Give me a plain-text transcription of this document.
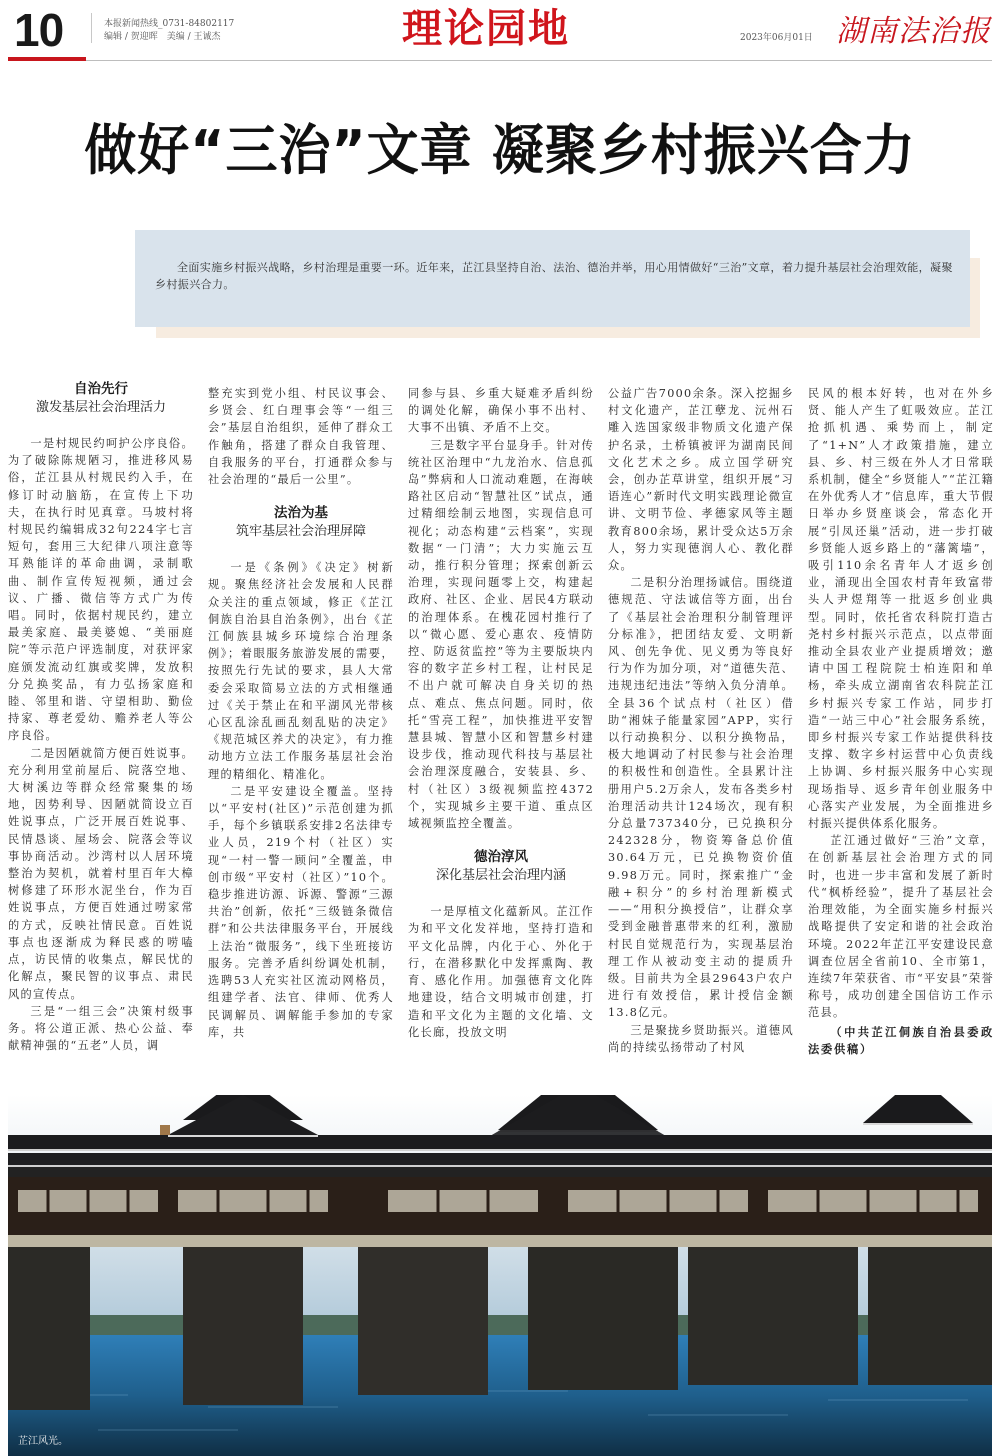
10	本报新闻热线_0731-84802117
编辑 / 贺迎晖　美编 / 王诚杰	理论园地	2023年06月01日 湖南法治报
做好“三治”文章 凝聚乡村振兴合力

全面实施乡村振兴战略，乡村治理是重要一环。近年来，芷江县坚持自治、法治、德治并举，用心用情做好“三治”文章，着力提升基层社会治理效能，凝聚乡村振兴合力。

自治先行
激发基层社会治理活力

一是村规民约呵护公序良俗。为了破除陈规陋习，推进移风易俗，芷江县从村规民约入手，在修订时动脑筋，在宣传上下功夫，在执行时见真章。马坡村将村规民约编辑成32句224字七言短句，套用三大纪律八项注意等耳熟能详的革命曲调，录制歌曲、制作宣传短视频，通过会议、广播、微信等方式广为传唱。同时，依据村规民约，建立最美家庭、最美婆媳、“美丽庭院”等示范户评选制度，对获评家庭颁发流动红旗或奖牌，发放积分兑换奖品，有力弘扬家庭和睦、邻里和谐、守望相助、勤俭持家、尊老爱幼、赡养老人等公序良俗。

二是因陋就简方便百姓说事。充分利用堂前屋后、院落空地、大树溪边等群众经常聚集的场地，因势利导、因陋就简设立百姓说事点，广泛开展百姓说事、民情恳谈、屋场会、院落会等议事协商活动。沙湾村以人居环境整治为契机，就着村里百年大樟树修建了环形水泥坐台，作为百姓说事点，方便百姓通过唠家常的方式，反映社情民意。百姓说事点也逐渐成为释民惑的唠嗑点，访民情的收集点，解民忧的化解点，聚民智的议事点、肃民风的宣传点。

三是“一组三会”决策村级事务。将公道正派、热心公益、奉献精神强的“五老”人员，调

整充实到党小组、村民议事会、乡贤会、红白理事会等“一组三会”基层自治组织，延伸了群众工作触角，搭建了群众自我管理、自我服务的平台，打通群众参与社会治理的“最后一公里”。

法治为基
筑牢基层社会治理屏障

一是《条例》《决定》树新规。聚焦经济社会发展和人民群众关注的重点领域，修正《芷江侗族自治县自治条例》，出台《芷江侗族县城乡环境综合治理条例》；着眼服务旅游发展的需要，按照先行先试的要求，县人大常委会采取简易立法的方式相继通过《关于禁止在和平湖风光带核心区乱涂乱画乱刻乱贴的决定》《规范城区养犬的决定》，有力推动地方立法工作服务基层社会治理的精细化、精准化。

二是平安建设全覆盖。坚持以“平安村(社区)”示范创建为抓手，每个乡镇联系安排2名法律专业人员，219个村（社区）实现“一村一警一顾问”全覆盖，申创市级“平安村（社区）”10个。稳步推进访源、诉源、警源“三源共治”创新，依托“三级链条微信群”和公共法律服务平台，开展线上法治“微服务”，线下坐班接访服务。完善矛盾纠纷调处机制，选聘53人充实社区流动网格员，组建学者、法官、律师、优秀人民调解员、调解能手参加的专家库，共

同参与县、乡重大疑难矛盾纠纷的调处化解，确保小事不出村、大事不出镇、矛盾不上交。

三是数字平台显身手。针对传统社区治理中“九龙治水、信息孤岛”弊病和人口流动难题，在海峡路社区启动“智慧社区”试点，通过精细绘制云地图，实现信息可视化；动态构建“云档案”，实现数据“一门清”；大力实施云互动，推行积分管理；探索创新云治理，实现问题零上交，构建起政府、社区、企业、居民4方联动的治理体系。在槐花园村推行了以“微心愿、爱心惠农、疫情防控、防返贫监控”等为主要版块内容的数字芷乡村工程，让村民足不出户就可解决自身关切的热点、难点、焦点问题。同时，依托“雪亮工程”，加快推进平安智慧县城、智慧小区和智慧乡村建设步伐，推动现代科技与基层社会治理深度融合，安装县、乡、村（社区）3级视频监控4372个，实现城乡主要干道、重点区域视频监控全覆盖。

德治淳风
深化基层社会治理内涵

一是厚植文化蕴新风。芷江作为和平文化发祥地，坚持打造和平文化品牌，内化于心、外化于行，在潜移默化中发挥熏陶、教育、感化作用。加强德育文化阵地建设，结合文明城市创建，打造和平文化为主题的文化墙、文化长廊，投放文明

公益广告7000余条。深入挖掘乡村文化遗产，芷江孽龙、沅州石雕入选国家级非物质文化遗产保护名录，土桥镇被评为湖南民间文化艺术之乡。成立国学研究会，创办芷草讲堂，组织开展“习语连心”新时代文明实践理论微宣讲、文明节俭、孝德家风等主题教育800余场，累计受众达5万余人，努力实现德润人心、教化群众。

二是积分治理扬诚信。围绕道德规范、守法诚信等方面，出台了《基层社会治理积分制管理评分标准》，把团结友爱、文明新风、创先争优、见义勇为等良好行为作为加分项，对“道德失范、违规违纪违法”等纳入负分清单。全县36个试点村（社区）借助“湘妹子能量家园”APP，实行以行动换积分、以积分换物品，极大地调动了村民参与社会治理的积极性和创造性。全县累计注册用户5.2万余人，发布各类乡村治理活动共计124场次，现有积分总量737340分，已兑换积分242328分，物资筹备总价值30.64万元，已兑换物资价值9.98万元。同时，探索推广“金融+积分”的乡村治理新模式——“用积分换授信”，让群众享受到金融普惠带来的红利，激励村民自觉规范行为，实现基层治理工作从被动变主动的提质升级。目前共为全县29643户农户进行有效授信，累计授信金额13.8亿元。

三是聚拢乡贤助振兴。道德风尚的持续弘扬带动了村风

民风的根本好转，也对在外乡贤、能人产生了虹吸效应。芷江抢抓机遇、乘势而上，制定了“1+N”人才政策措施，建立县、乡、村三级在外人才日常联系机制，健全“乡贤能人”“芷江籍在外优秀人才”信息库，重大节假日举办乡贤座谈会，常态化开展“引凤还巢”活动，进一步打破乡贤能人返乡路上的“藩篱墙”，吸引110余名青年人才返乡创业，涌现出全国农村青年致富带头人尹煜翔等一批返乡创业典型。同时，依托省农科院打造古尧村乡村振兴示范点，以点带面推动全县农业产业提质增效；邀请中国工程院院士柏连阳和单杨，牵头成立湖南省农科院芷江乡村振兴专家工作站，同步打造“一站三中心”社会服务系统，即乡村振兴专家工作站提供科技支撑、数字乡村运营中心负责线上协调、乡村振兴服务中心实现现场指导、返乡青年创业服务中心落实产业发展，为全面推进乡村振兴提供体系化服务。

芷江通过做好“三治”文章，在创新基层社会治理方式的同时，也进一步丰富和发展了新时代“枫桥经验”，提升了基层社会治理效能，为全面实施乡村振兴战略提供了安定和谐的社会政治环境。2022年芷江平安建设民意调查位居全省前10、全市第1，连续7年荣获省、市“平安县”荣誉称号，成功创建全国信访工作示范县。

（中共芷江侗族自治县委政法委供稿）

芷江风光。
